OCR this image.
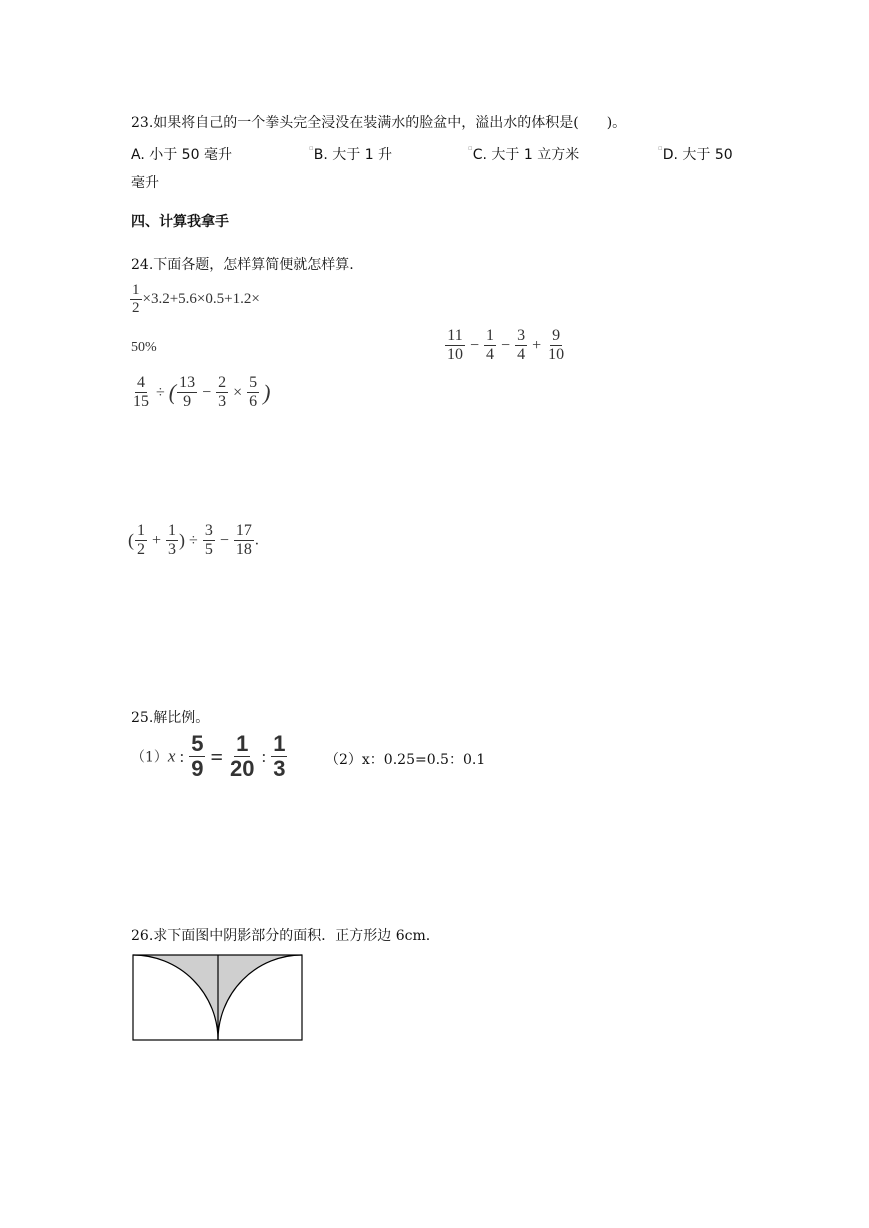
23.如果将自己的一个拳头完全浸没在装满水的脸盆中，溢出水的体积是(　　)。
A. 小于 50 毫升	▫B. 大于 1 升	▫C. 大于 1 立方米	▫D. 大于 50
毫升
四、计算我拿手
24.下面各题，怎样算简便就怎样算.
$\frac{1}{2} \times 3.2+5.6\times 0.5+1.2\times$
50%	$\frac{11}{10} - \frac{1}{4} - \frac{3}{4} + \frac{9}{10}$
$\frac{4}{15}$ ÷ ( $\frac{13}{9} - \frac{2}{3} \times \frac{5}{6}$ )
( $\frac{1}{2} + \frac{1}{3}$ ) ÷ $\frac{3}{5} - \frac{17}{18}$ .
25.解比例。
（1）x : $\frac{5}{9} = \frac{1}{20}$ : $\frac{1}{3}$	（2）x：0.25=0.5：0.1
26.求下面图中阴影部分的面积．正方形边 6cm.
